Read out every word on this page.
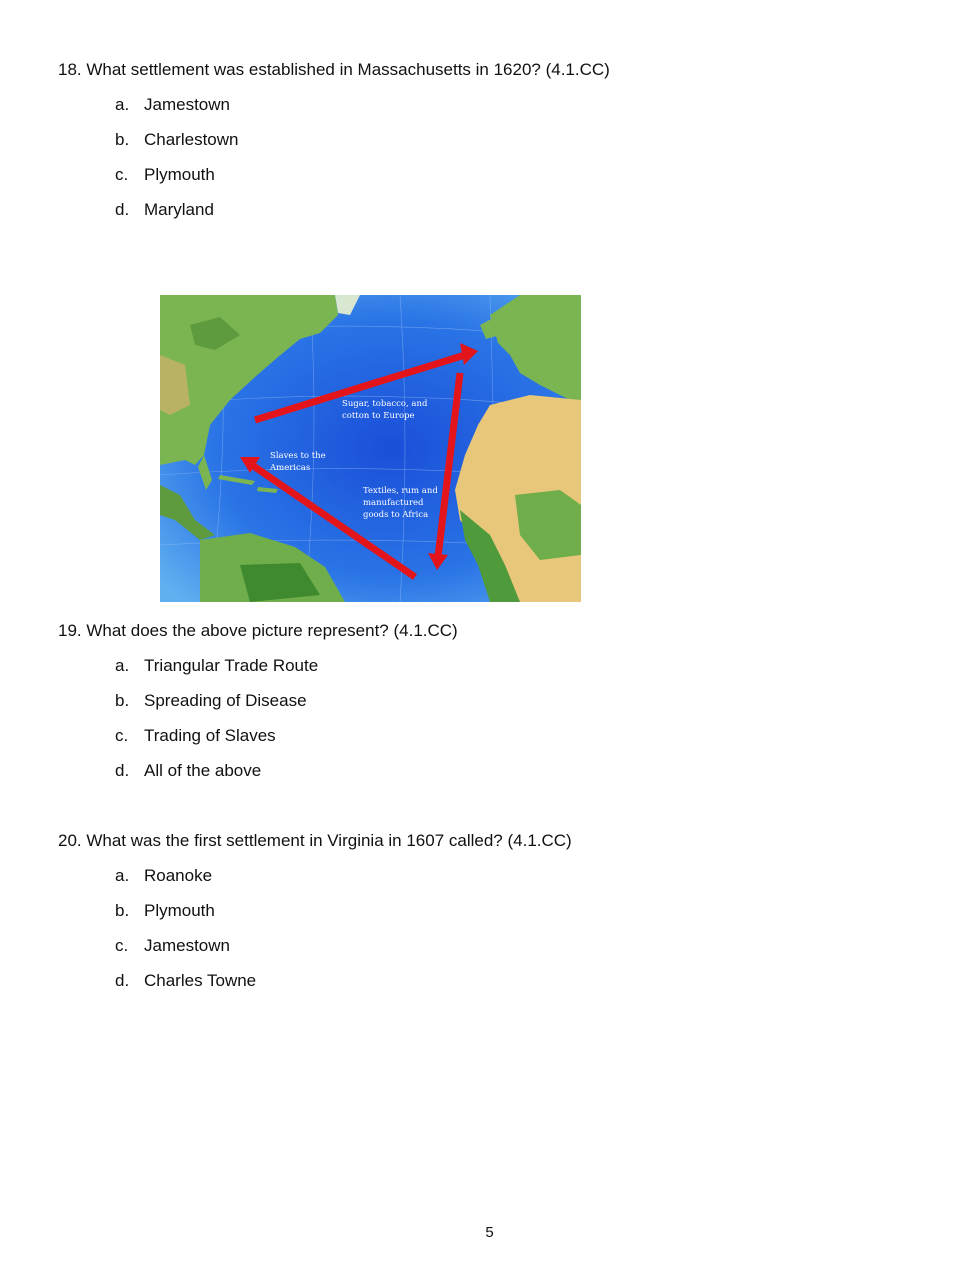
18. What settlement was established in Massachusetts in 1620? (4.1.CC)
a. Jamestown
b. Charlestown
c. Plymouth
d. Maryland
Sugar, tobacco, and
cotton to Europe
Slaves to the
Americas
Textiles, rum and
manufactured
goods to Africa
19. What does the above picture represent? (4.1.CC)
a. Triangular Trade Route
b. Spreading of Disease
c. Trading of Slaves
d. All of the above
20. What was the first settlement in Virginia in 1607 called? (4.1.CC)
a. Roanoke
b. Plymouth
c. Jamestown
d. Charles Towne
5
